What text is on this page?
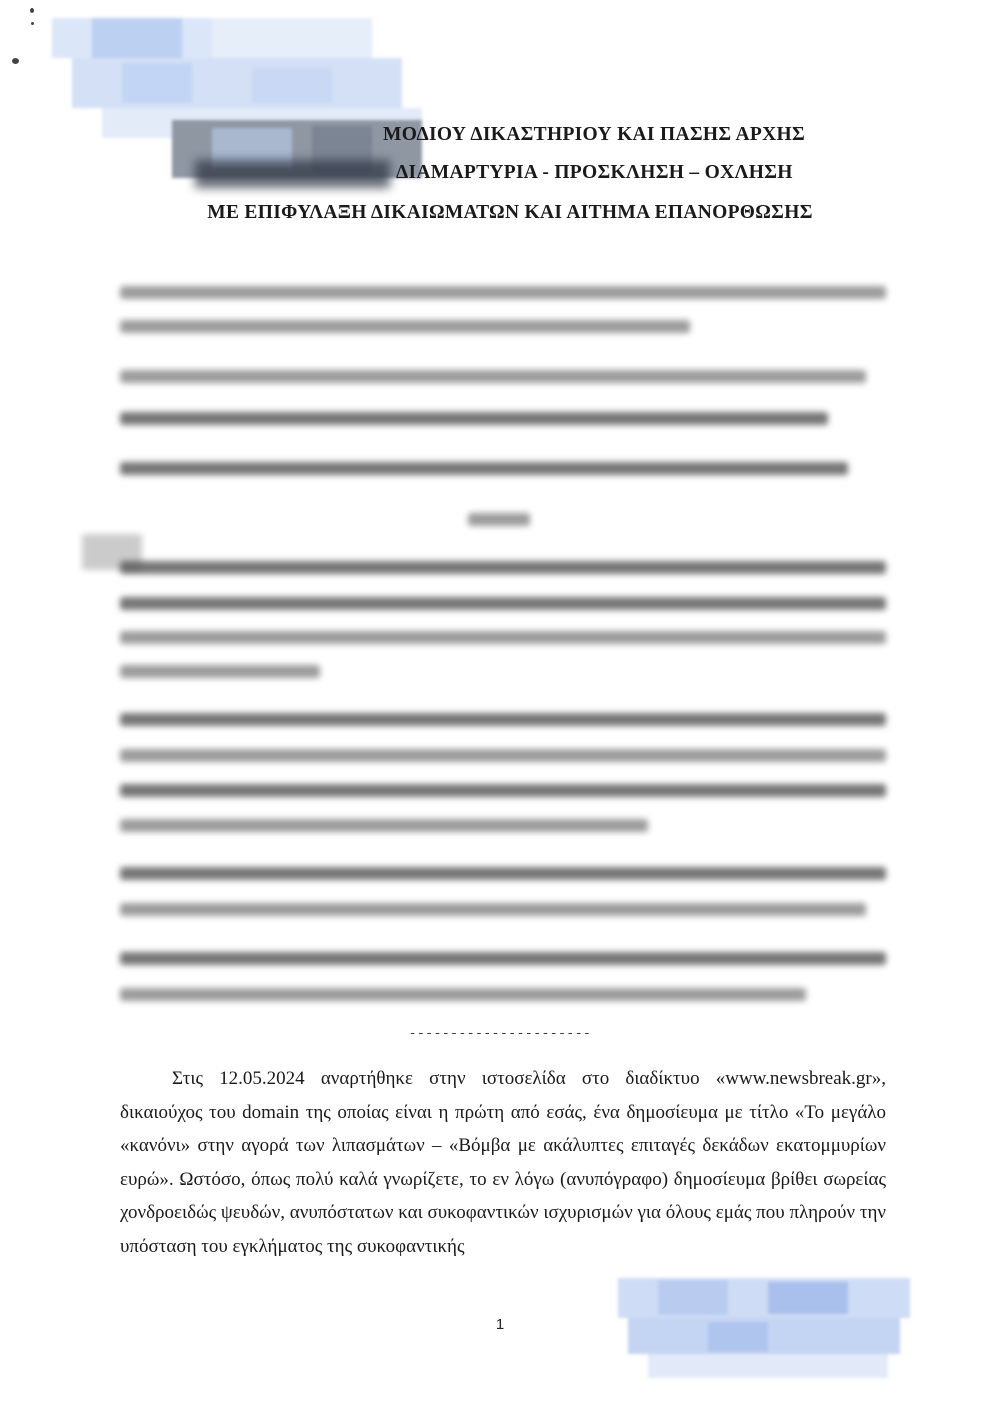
ΜΟΔΙΟΥ ΔΙΚΑΣΤΗΡΙΟΥ ΚΑΙ ΠΑΣΗΣ ΑΡΧΗΣ
ΔΙΑΜΑΡΤΥΡΙΑ - ΠΡΟΣΚΛΗΣΗ – ΟΧΛΗΣΗ
ΜΕ ΕΠΙΦΥΛΑΞΗ ΔΙΚΑΙΩΜΑΤΩΝ ΚΑΙ ΑΙΤΗΜΑ ΕΠΑΝΟΡΘΩΣΗΣ
----------------------
Στις 12.05.2024 αναρτήθηκε στην ιστοσελίδα στο διαδίκτυο «www.newsbreak.gr», δικαιούχος του domain της οποίας είναι η πρώτη από εσάς, ένα δημοσίευμα με τίτλο «Το μεγάλο «κανόνι» στην αγορά των λιπασμάτων – «Βόμβα με ακάλυπτες επιταγές δεκάδων εκατομμυρίων ευρώ». Ωστόσο, όπως πολύ καλά γνωρίζετε, το εν λόγω (ανυπόγραφο) δημοσίευμα βρίθει σωρείας χονδροειδώς ψευδών, ανυπόστατων και συκοφαντικών ισχυρισμών για όλους εμάς που πληρούν την υπόσταση του εγκλήματος της συκοφαντικής
1
